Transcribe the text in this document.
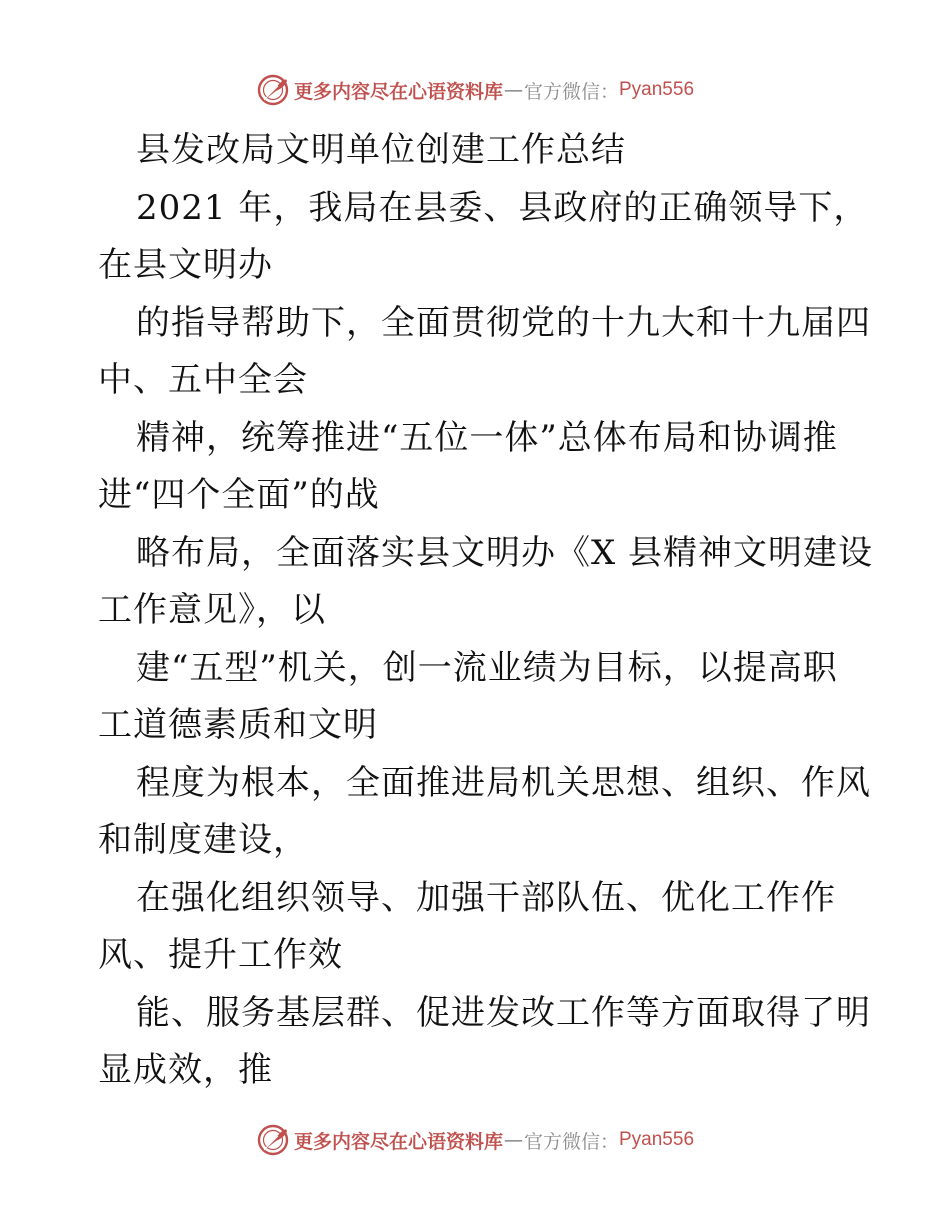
更多内容尽在心语资料库 — 官方微信： Pyan556
县发改局文明单位创建工作总结
2021 年，我局在县委、县政府的正确领导下，
在县文明办
的指导帮助下，全面贯彻党的十九大和十九届四
中、五中全会
精神，统筹推进“五位一体”总体布局和协调推
进“四个全面”的战
略布局，全面落实县文明办《X 县精神文明建设
工作意见》，以
建“五型”机关，创一流业绩为目标，以提高职
工道德素质和文明
程度为根本，全面推进局机关思想、组织、作风
和制度建设，
在强化组织领导、加强干部队伍、优化工作作
风、提升工作效
能、服务基层群、促进发改工作等方面取得了明
显成效，推
更多内容尽在心语资料库 — 官方微信： Pyan556
